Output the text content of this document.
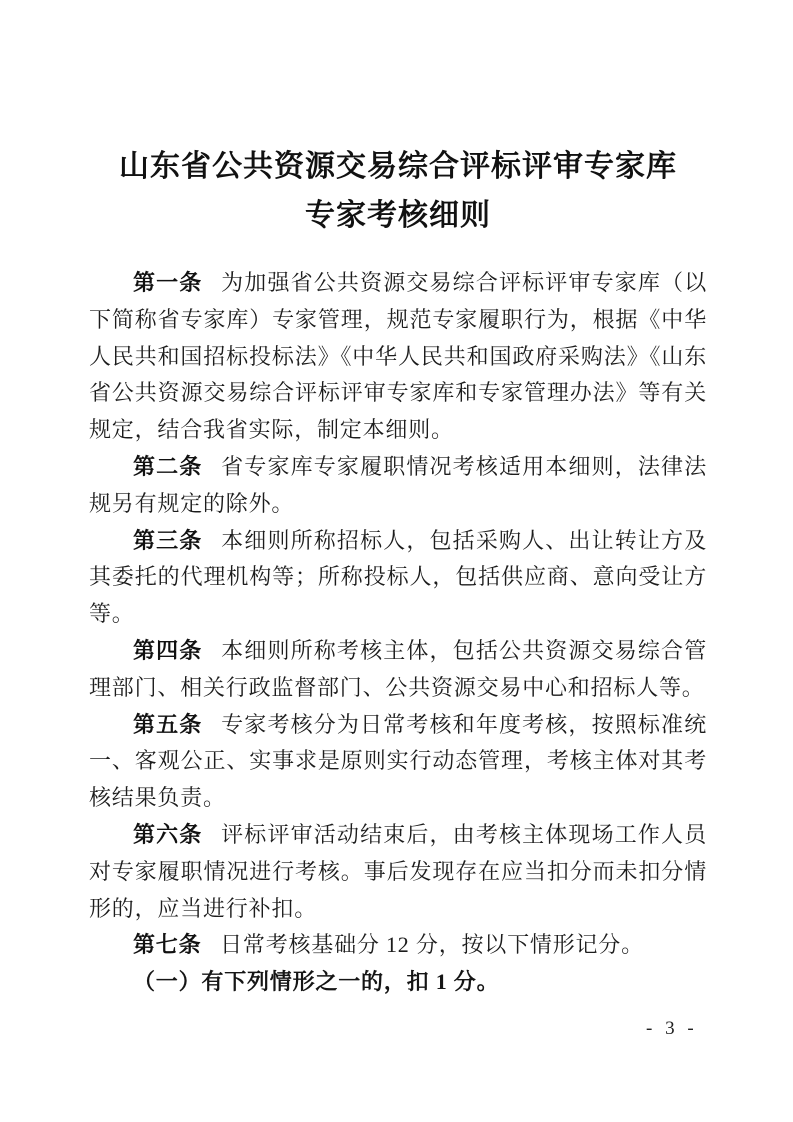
山东省公共资源交易综合评标评审专家库
专家考核细则

第一条 为加强省公共资源交易综合评标评审专家库（以下简称省专家库）专家管理，规范专家履职行为，根据《中华人民共和国招标投标法》《中华人民共和国政府采购法》《山东省公共资源交易综合评标评审专家库和专家管理办法》等有关规定，结合我省实际，制定本细则。

第二条 省专家库专家履职情况考核适用本细则，法律法规另有规定的除外。

第三条 本细则所称招标人，包括采购人、出让转让方及其委托的代理机构等；所称投标人，包括供应商、意向受让方等。

第四条 本细则所称考核主体，包括公共资源交易综合管理部门、相关行政监督部门、公共资源交易中心和招标人等。

第五条 专家考核分为日常考核和年度考核，按照标准统一、客观公正、实事求是原则实行动态管理，考核主体对其考核结果负责。

第六条 评标评审活动结束后，由考核主体现场工作人员对专家履职情况进行考核。事后发现存在应当扣分而未扣分情形的，应当进行补扣。

第七条 日常考核基础分 12 分，按以下情形记分。

（一）有下列情形之一的，扣 1 分。

- 3 -
